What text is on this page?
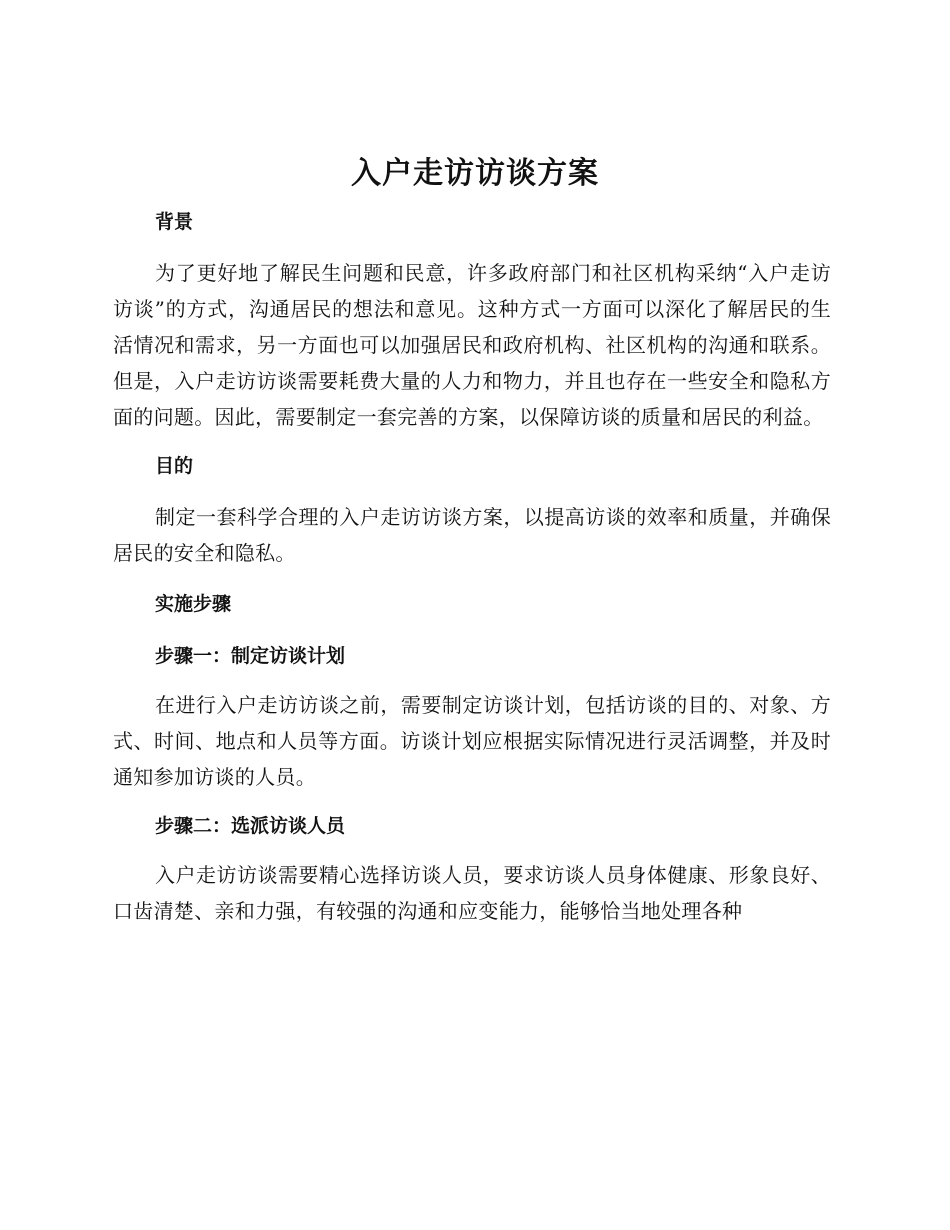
入户走访访谈方案

背景

为了更好地了解民生问题和民意，许多政府部门和社区机构采纳“入户走访访谈”的方式，沟通居民的想法和意见。这种方式一方面可以深化了解居民的生活情况和需求，另一方面也可以加强居民和政府机构、社区机构的沟通和联系。但是，入户走访访谈需要耗费大量的人力和物力，并且也存在一些安全和隐私方面的问题。因此，需要制定一套完善的方案，以保障访谈的质量和居民的利益。

目的

制定一套科学合理的入户走访访谈方案，以提高访谈的效率和质量，并确保居民的安全和隐私。

实施步骤

步骤一：制定访谈计划

在进行入户走访访谈之前，需要制定访谈计划，包括访谈的目的、对象、方式、时间、地点和人员等方面。访谈计划应根据实际情况进行灵活调整，并及时通知参加访谈的人员。

步骤二：选派访谈人员

入户走访访谈需要精心选择访谈人员，要求访谈人员身体健康、形象良好、口齿清楚、亲和力强，有较强的沟通和应变能力，能够恰当地处理各种
